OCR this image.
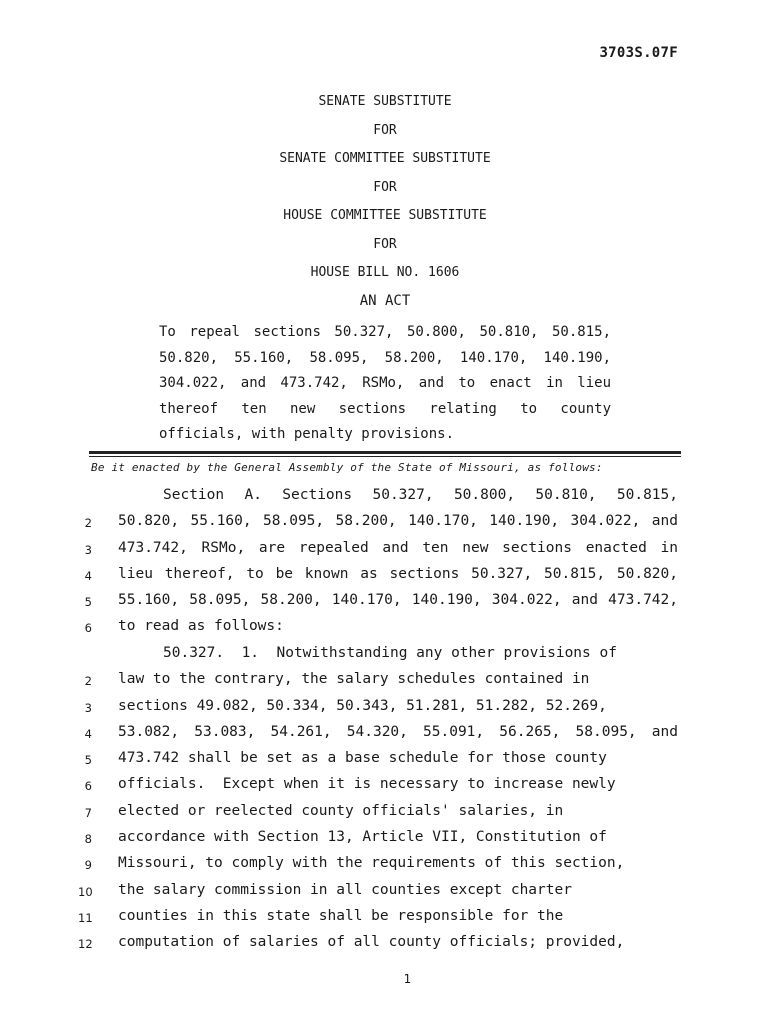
3703S.07F
SENATE SUBSTITUTE
FOR
SENATE COMMITTEE SUBSTITUTE
FOR
HOUSE COMMITTEE SUBSTITUTE
FOR
HOUSE BILL NO. 1606
AN ACT
To repeal sections 50.327, 50.800, 50.810, 50.815, 50.820, 55.160, 58.095, 58.200, 140.170, 140.190, 304.022, and 473.742, RSMo, and to enact in lieu thereof ten new sections relating to county officials, with penalty provisions.
Be it enacted by the General Assembly of the State of Missouri, as follows:
Section A. Sections 50.327, 50.800, 50.810, 50.815,
2 50.820, 55.160, 58.095, 58.200, 140.170, 140.190, 304.022, and
3 473.742, RSMo, are repealed and ten new sections enacted in
4 lieu thereof, to be known as sections 50.327, 50.815, 50.820,
5 55.160, 58.095, 58.200, 140.170, 140.190, 304.022, and 473.742,
6 to read as follows:
50.327.  1.  Notwithstanding any other provisions of
2 law to the contrary, the salary schedules contained in
3 sections 49.082, 50.334, 50.343, 51.281, 51.282, 52.269,
4 53.082, 53.083, 54.261, 54.320, 55.091, 56.265, 58.095, and
5 473.742 shall be set as a base schedule for those county
6 officials.  Except when it is necessary to increase newly
7 elected or reelected county officials' salaries, in
8 accordance with Section 13, Article VII, Constitution of
9 Missouri, to comply with the requirements of this section,
10 the salary commission in all counties except charter
11 counties in this state shall be responsible for the
12 computation of salaries of all county officials; provided,
1
